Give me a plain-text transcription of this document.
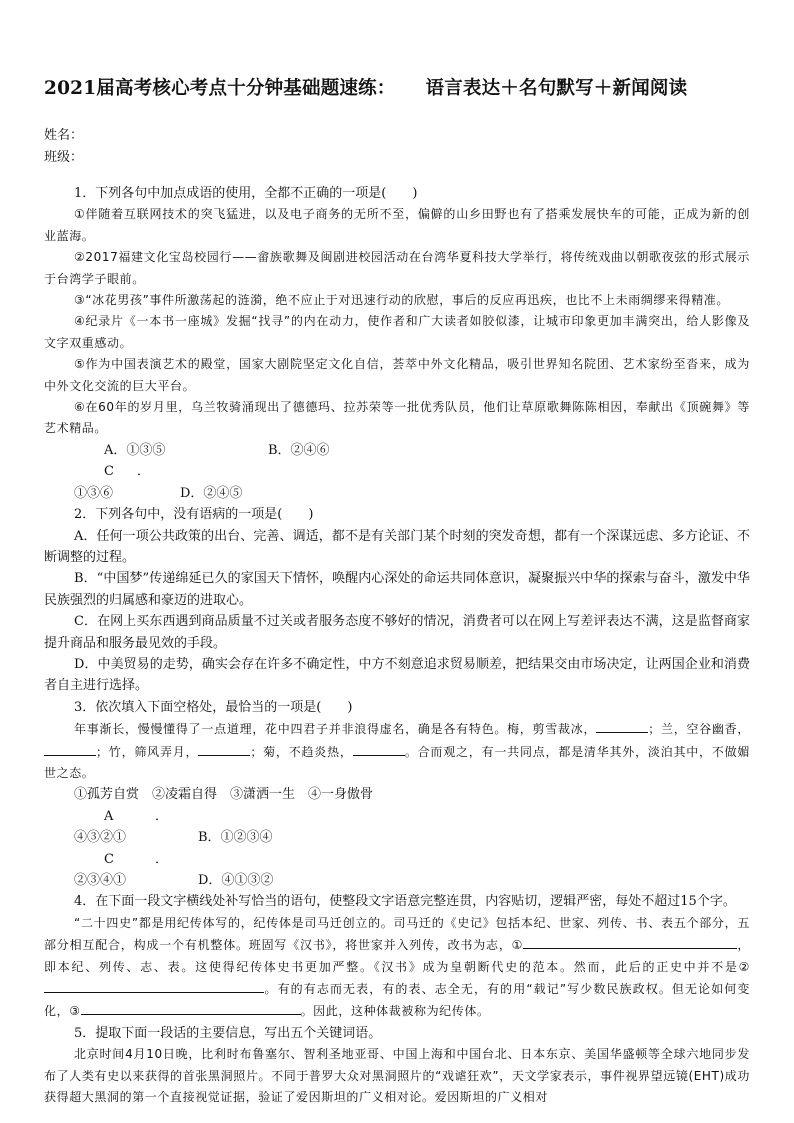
2021届高考核心考点十分钟基础题速练： 语言表达＋名句默写＋新闻阅读
姓名：
班级：

1．下列各句中加点成语的使用，全都不正确的一项是(　　)

①伴随着互联网技术的突飞猛进，以及电子商务的无所不至，偏僻的山乡田野也有了搭乘发展快车的可能，正成为新的创业蓝海。

②2017福建文化宝岛校园行——畲族歌舞及闽剧进校园活动在台湾华夏科技大学举行，将传统戏曲以朝歌夜弦的形式展示于台湾学子眼前。

③“冰花男孩”事件所激荡起的涟漪，绝不应止于对迅速行动的欣慰，事后的反应再迅疾，也比不上未雨绸缪来得精准。

④纪录片《一本书一座城》发掘“找寻”的内在动力，使作者和广大读者如胶似漆，让城市印象更加丰满突出，给人影像及文字双重感动。

⑤作为中国表演艺术的殿堂，国家大剧院坚定文化自信，荟萃中外文化精品，吸引世界知名院团、艺术家纷至沓来，成为中外文化交流的巨大平台。

⑥在60年的岁月里，乌兰牧骑涌现出了德德玛、拉苏荣等一批优秀队员，他们让草原歌舞陈陈相因，奉献出《顶碗舞》等艺术精品。

A．①③⑤	B．②④⑥

C．①③⑥	D．②④⑤

2．下列各句中，没有语病的一项是(　　)

A．任何一项公共政策的出台、完善、调适，都不是有关部门某个时刻的突发奇想，都有一个深谋远虑、多方论证、不断调整的过程。

B．“中国梦”传递绵延已久的家国天下情怀，唤醒内心深处的命运共同体意识，凝聚振兴中华的探索与奋斗，激发中华民族强烈的归属感和豪迈的进取心。

C．在网上买东西遇到商品质量不过关或者服务态度不够好的情况，消费者可以在网上写差评表达不满，这是监督商家提升商品和服务最见效的手段。

D．中美贸易的走势，确实会存在许多不确定性，中方不刻意追求贸易顺差，把结果交由市场决定，让两国企业和消费者自主进行选择。

3．依次填入下面空格处，最恰当的一项是(　　)

年事渐长，慢慢懂得了一点道理，花中四君子并非浪得虚名，确是各有特色。梅，剪雪裁冰，	；兰，空谷幽香，；竹，筛风弄月，	；菊，不趋炎热，	。合而观之，有一共同点，都是清华其外，淡泊其中，不做媚世之态。

①孤芳自赏　②凌霜自得　③潇洒一生　④一身傲骨

A．④③②①	B．①②③④

C．②③④①	D．④①③②

4．在下面一段文字横线处补写恰当的语句，使整段文字语意完整连贯，内容贴切，逻辑严密，每处不超过15个字。

“二十四史”都是用纪传体写的，纪传体是司马迁创立的。司马迁的《史记》包括本纪、世家、列传、书、表五个部分，五部分相互配合，构成一个有机整体。班固写《汉书》，将世家并入列传，改书为志，①	，即本纪、列传、志、表。这使得纪传体史书更加严整。《汉书》成为皇朝断代史的范本。然而，此后的正史中并不是②。有的有志而无表，有的表、志全无，有的用“载记”写少数民族政权。但无论如何变化，③	。因此，这种体裁被称为纪传体。

5．提取下面一段话的主要信息，写出五个关键词语。

北京时间4月10日晚，比利时布鲁塞尔、智利圣地亚哥、中国上海和中国台北、日本东京、美国华盛顿等全球六地同步发布了人类有史以来获得的首张黑洞照片。不同于普罗大众对黑洞照片的“戏谑狂欢”，天文学家表示，事件视界望远镜(EHT)成功获得超大黑洞的第一个直接视觉证据，验证了爱因斯坦的广义相对论。爱因斯坦的广义相对
